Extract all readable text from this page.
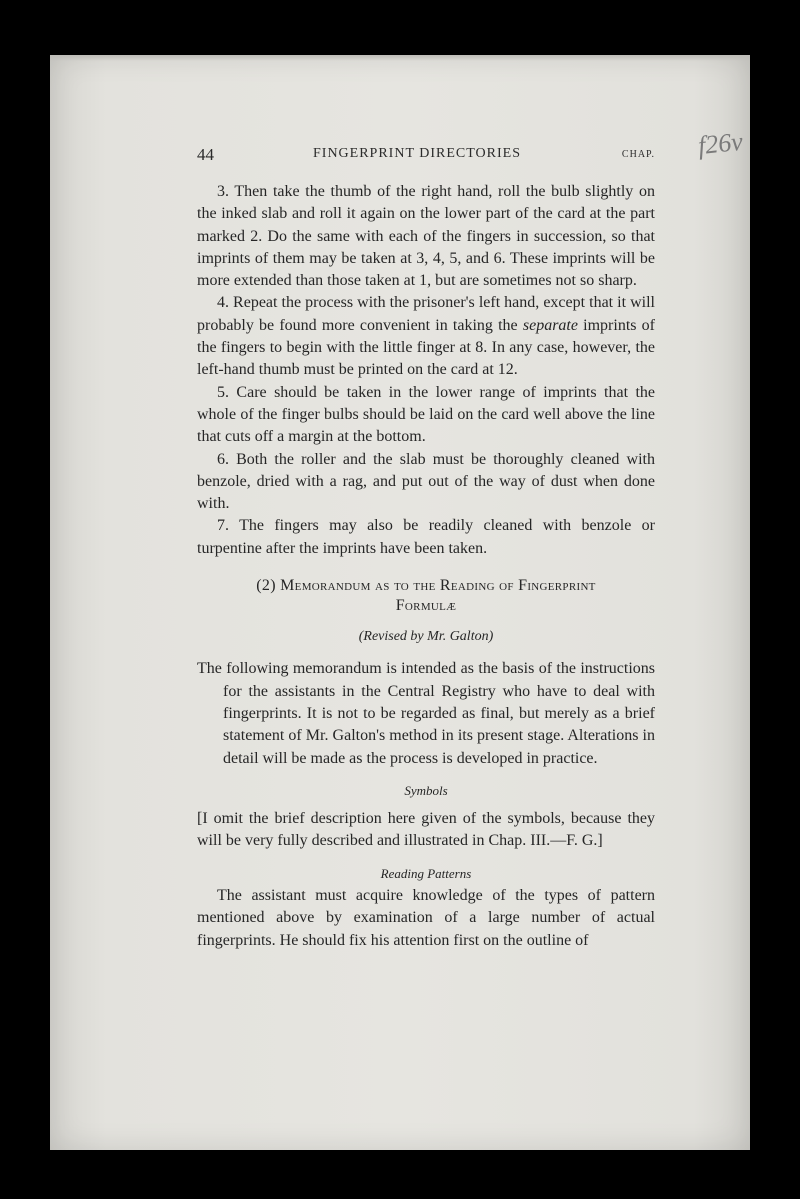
f26v
44	FINGERPRINT DIRECTORIES	CHAP.

3. Then take the thumb of the right hand, roll the bulb slightly on the inked slab and roll it again on the lower part of the card at the part marked 2. Do the same with each of the fingers in succession, so that imprints of them may be taken at 3, 4, 5, and 6. These imprints will be more extended than those taken at 1, but are sometimes not so sharp.

4. Repeat the process with the prisoner's left hand, except that it will probably be found more convenient in taking the separate imprints of the fingers to begin with the little finger at 8. In any case, however, the left-hand thumb must be printed on the card at 12.

5. Care should be taken in the lower range of imprints that the whole of the finger bulbs should be laid on the card well above the line that cuts off a margin at the bottom.

6. Both the roller and the slab must be thoroughly cleaned with benzole, dried with a rag, and put out of the way of dust when done with.

7. The fingers may also be readily cleaned with benzole or turpentine after the imprints have been taken.

(2) Memorandum as to the Reading of Fingerprint
Formulæ

(Revised by Mr. Galton)

The following memorandum is intended as the basis of the instructions for the assistants in the Central Registry who have to deal with fingerprints. It is not to be regarded as final, but merely as a brief statement of Mr. Galton's method in its present stage. Alterations in detail will be made as the process is developed in practice.

Symbols

[I omit the brief description here given of the symbols, because they will be very fully described and illustrated in Chap. III.—F. G.]

Reading Patterns

The assistant must acquire knowledge of the types of pattern mentioned above by examination of a large number of actual fingerprints. He should fix his attention first on the outline of
